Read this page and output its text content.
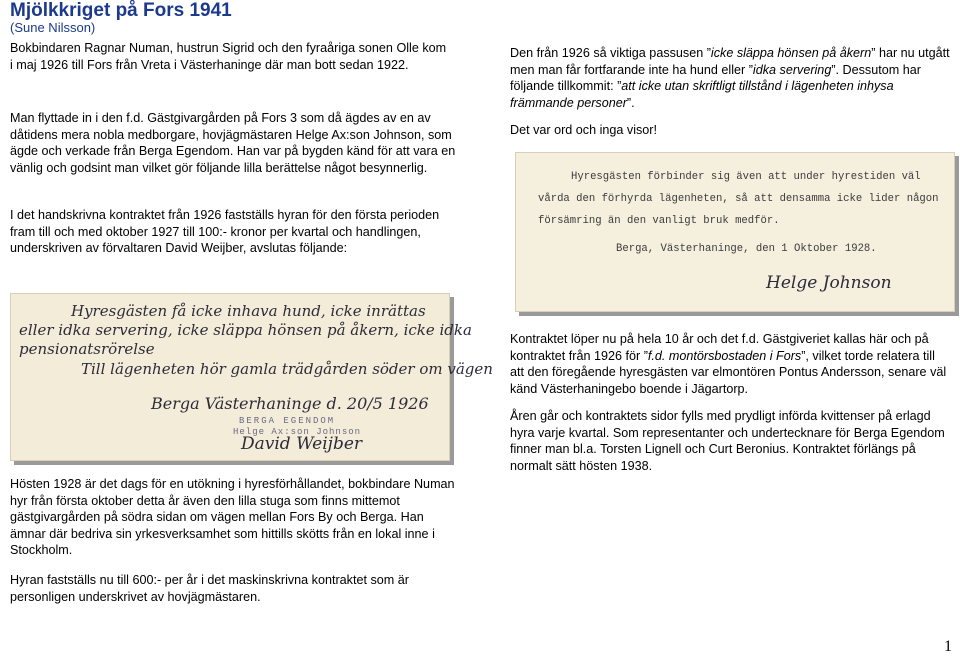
Mjölkkriget på Fors 1941
(Sune Nilsson)

Bokbindaren Ragnar Numan, hustrun Sigrid och den fyraåriga sonen Olle kom i maj 1926 till Fors från Vreta i Västerhaninge där man bott sedan 1922.

Man flyttade in i den f.d. Gästgivargården på Fors 3 som då ägdes av en av dåtidens mera nobla medborgare, hovjägmästaren Helge Ax:son Johnson, som ägde och verkade från Berga Egendom. Han var på bygden känd för att vara en vänlig och godsint man vilket gör följande lilla berättelse något besynnerlig.

I det handskrivna kontraktet från 1926 fastställs hyran för den första perioden fram till och med oktober 1927 till 100:- kronor per kvartal och handlingen, underskriven av förvaltaren David Weijber, avslutas följande:

Hyresgästen få icke inhava hund, icke inrättas
eller idka servering, icke släppa hönsen på åkern, icke idka
pensionatsrörelse
Till lägenheten hör gamla trädgården söder om vägen
Berga Västerhaninge d. 20/5 1926
BERGA EGENDOM
Helge Ax:son Johnson
David Weijber

Hösten 1928 är det dags för en utökning i hyresförhållandet, bokbindare Numan hyr från första oktober detta år även den lilla stuga som finns mittemot gästgivargården på södra sidan om vägen mellan Fors By och Berga. Han ämnar där bedriva sin yrkesverksamhet som hittills skötts från en lokal inne i Stockholm.

Hyran fastställs nu till 600:- per år i det maskinskrivna kontraktet som är personligen underskrivet av hovjägmästaren.

Den från 1926 så viktiga passusen ”icke släppa hönsen på åkern” har nu utgått men man får fortfarande inte ha hund eller ”idka servering”. Dessutom har följande tillkommit: ”att icke utan skriftligt tillstånd i lägenheten inhysa främmande personer”.

Det var ord och inga visor!

Hyresgästen förbinder sig även att under hyrestiden väl
vårda den förhyrda lägenheten, så att densamma icke lider någon
försämring än den vanligt bruk medför.
Berga, Västerhaninge, den 1 Oktober 1928.
Helge Johnson

Kontraktet löper nu på hela 10 år och det f.d. Gästgiveriet kallas här och på kontraktet från 1926 för ”f.d. montörsbostaden i Fors”, vilket torde relatera till att den föregående hyresgästen var elmontören Pontus Andersson, senare väl känd Västerhaningebo boende i Jägartorp.

Åren går och kontraktets sidor fylls med prydligt införda kvittenser på erlagd hyra varje kvartal. Som representanter och undertecknare för Berga Egendom finner man bl.a. Torsten Lignell och Curt Beronius. Kontraktet förlängs på normalt sätt hösten 1938.

1
